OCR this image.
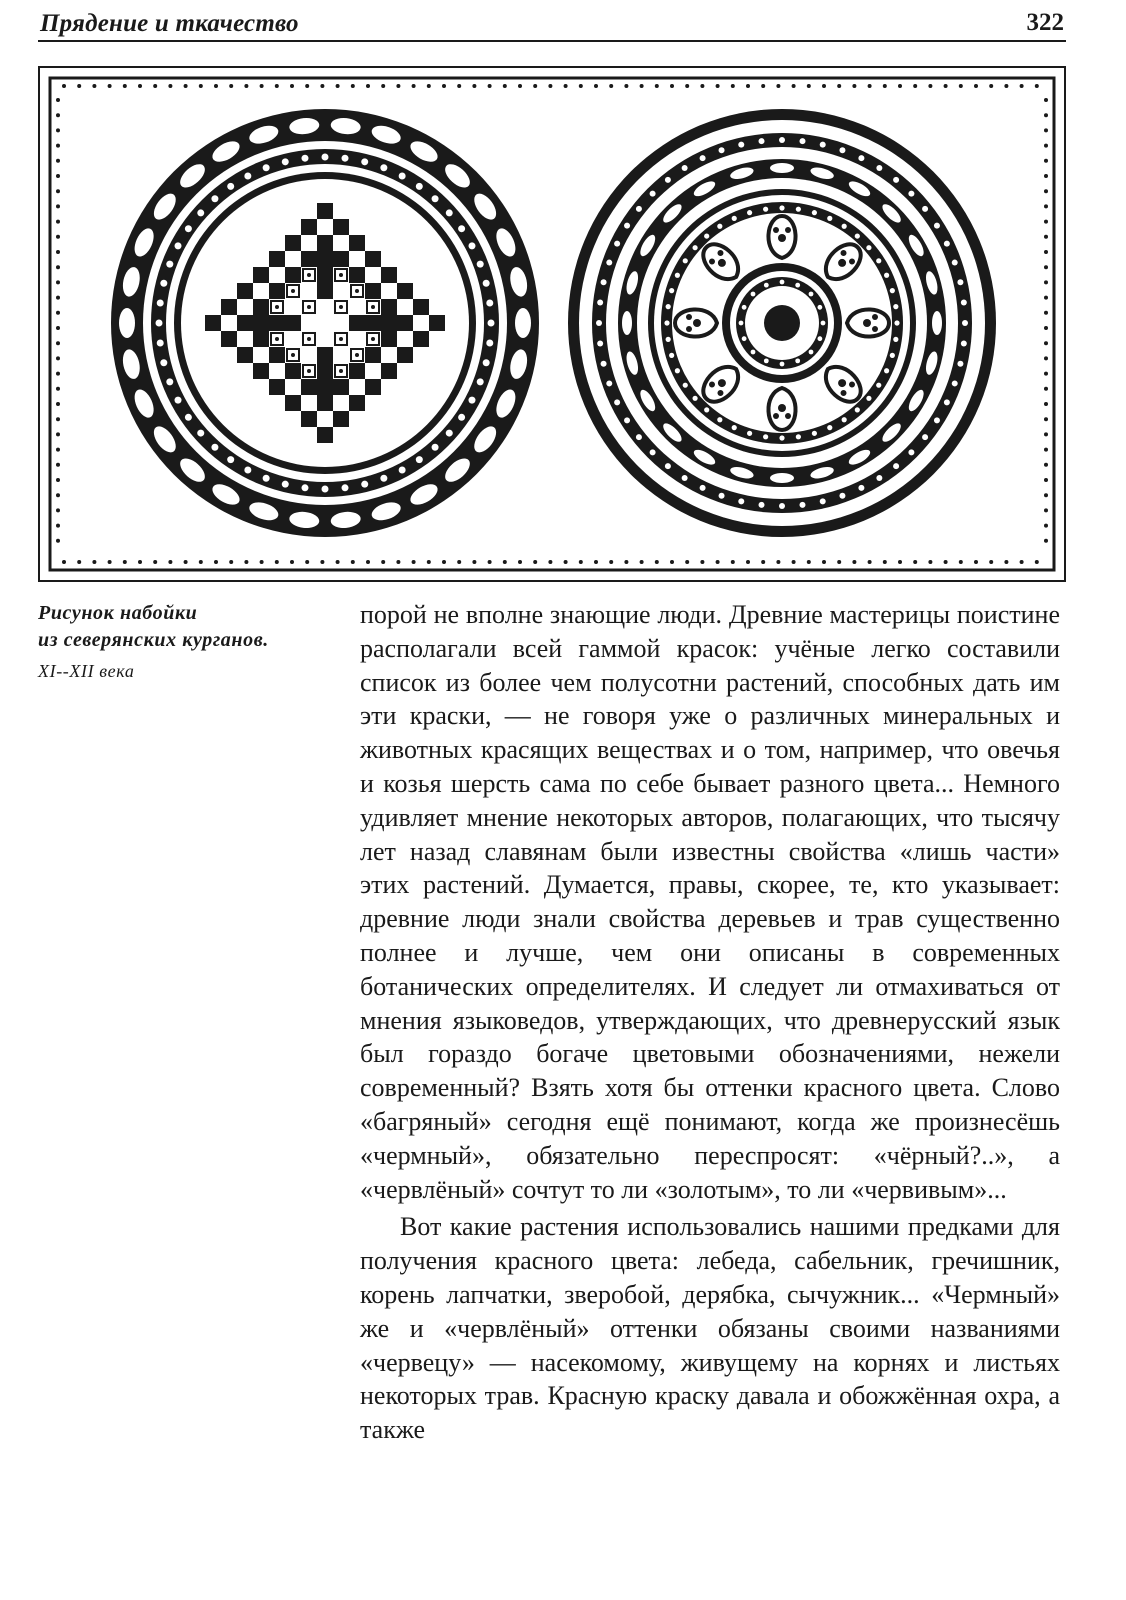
Прядение и ткачество	322
Рисунок набойки
из северянских курганов.
XI--XII века

порой не вполне знающие люди. Древние мастерицы поистине располагали всей гаммой красок: учёные легко составили список из более чем полусотни растений, способных дать им эти краски, — не говоря уже о различных минеральных и животных красящих веществах и о том, например, что овечья и козья шерсть сама по себе бывает разного цвета... Немного удивляет мнение некоторых авторов, полагающих, что тысячу лет назад славянам были известны свойства «лишь части» этих растений. Думается, правы, скорее, те, кто указывает: древние люди знали свойства деревьев и трав существенно полнее и лучше, чем они описаны в современных ботанических определителях. И следует ли отмахиваться от мнения языковедов, утверждающих, что древнерусский язык был гораздо богаче цветовыми обозначениями, нежели современный? Взять хотя бы оттенки красного цвета. Слово «багряный» сегодня ещё понимают, когда же произнесёшь «чермный», обязательно переспросят: «чёрный?..», а «червлёный» сочтут то ли «золотым», то ли «червивым»...

Вот какие растения использовались нашими предками для получения красного цвета: лебеда, сабельник, гречишник, корень лапчатки, зверобой, дерябка, сычужник... «Чермный» же и «червлёный» оттенки обязаны своими названиями «червецу» — насекомому, живущему на корнях и листьях некоторых трав. Красную краску давала и обожжённая охра, а также
